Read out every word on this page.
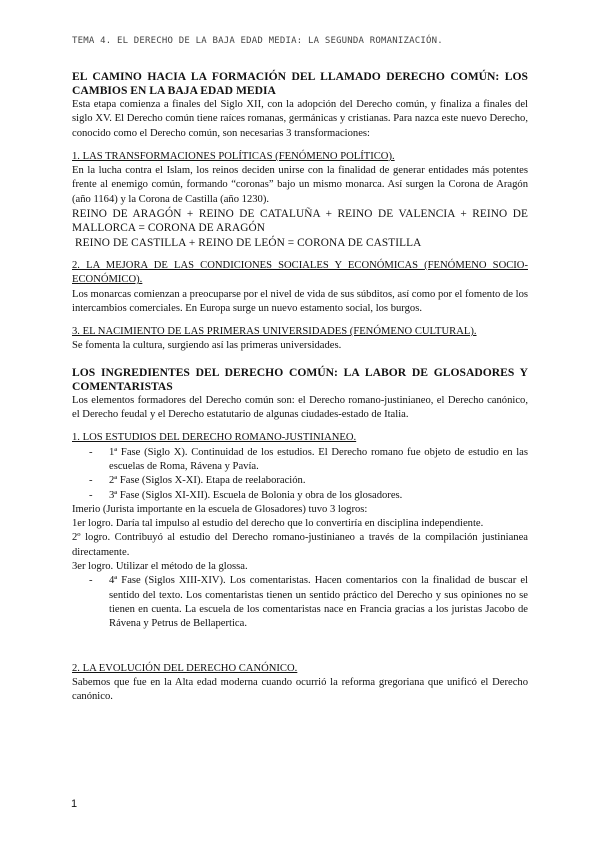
TEMA 4. EL DERECHO DE LA BAJA EDAD MEDIA: LA SEGUNDA ROMANIZACIÓN.

EL CAMINO HACIA LA FORMACIÓN DEL LLAMADO DERECHO COMÚN: LOS CAMBIOS EN LA BAJA EDAD MEDIA

Esta etapa comienza a finales del Siglo XII, con la adopción del Derecho común, y finaliza a finales del siglo XV. El Derecho común tiene raíces romanas, germánicas y cristianas. Para nazca este nuevo Derecho, conocido como el Derecho común, son necesarias 3 transformaciones:

1. LAS TRANSFORMACIONES POLÍTICAS (FENÓMENO POLÍTICO).

En la lucha contra el Islam, los reinos deciden unirse con la finalidad de generar entidades más potentes frente al enemigo común, formando “coronas” bajo un mismo monarca. Así surgen la Corona de Aragón (año 1164) y la Corona de Castilla (año 1230).

REINO DE ARAGÓN + REINO DE CATALUÑA + REINO DE VALENCIA + REINO DE

MALLORCA = CORONA DE ARAGÓN

REINO DE CASTILLA + REINO DE LEÓN = CORONA DE CASTILLA

2. LA MEJORA DE LAS CONDICIONES SOCIALES Y ECONÓMICAS (FENÓMENO SOCIO-ECONÓMICO).

Los monarcas comienzan a preocuparse por el nivel de vida de sus súbditos, así como por el fomento de los intercambios comerciales. En Europa surge un nuevo estamento social, los burgos.

3. EL NACIMIENTO DE LAS PRIMERAS UNIVERSIDADES (FENÓMENO CULTURAL).

Se fomenta la cultura, surgiendo así las primeras universidades.

LOS INGREDIENTES DEL DERECHO COMÚN: LA LABOR DE GLOSADORES Y COMENTARISTAS

Los elementos formadores del Derecho común son: el Derecho romano-justinianeo, el Derecho canónico, el Derecho feudal y el Derecho estatutario de algunas ciudades-estado de Italia.

1. LOS ESTUDIOS DEL DERECHO ROMANO-JUSTINIANEO.

- 1ª Fase (Siglo X). Continuidad de los estudios. El Derecho romano fue objeto de estudio en las escuelas de Roma, Rávena y Pavía.
- 2ª Fase (Siglos X-XI). Etapa de reelaboración.
- 3ª Fase (Siglos XI-XII). Escuela de Bolonia y obra de los glosadores.

Imerio (Jurista importante en la escuela de Glosadores) tuvo 3 logros:

1er logro. Daría tal impulso al estudio del derecho que lo convertiría en disciplina independiente.

2º logro. Contribuyó al estudio del Derecho romano-justinianeo a través de la compilación justinianea directamente.

3er logro. Utilizar el método de la glossa.

- 4ª Fase (Siglos XIII-XIV). Los comentaristas. Hacen comentarios con la finalidad de buscar el sentido del texto. Los comentaristas tienen un sentido práctico del Derecho y sus opiniones no se tienen en cuenta. La escuela de los comentaristas nace en Francia gracias a los juristas Jacobo de Rávena y Petrus de Bellapertica.

2. LA EVOLUCIÓN DEL DERECHO CANÓNICO.

Sabemos que fue en la Alta edad moderna cuando ocurrió la reforma gregoriana que unificó el Derecho canónico.

1
